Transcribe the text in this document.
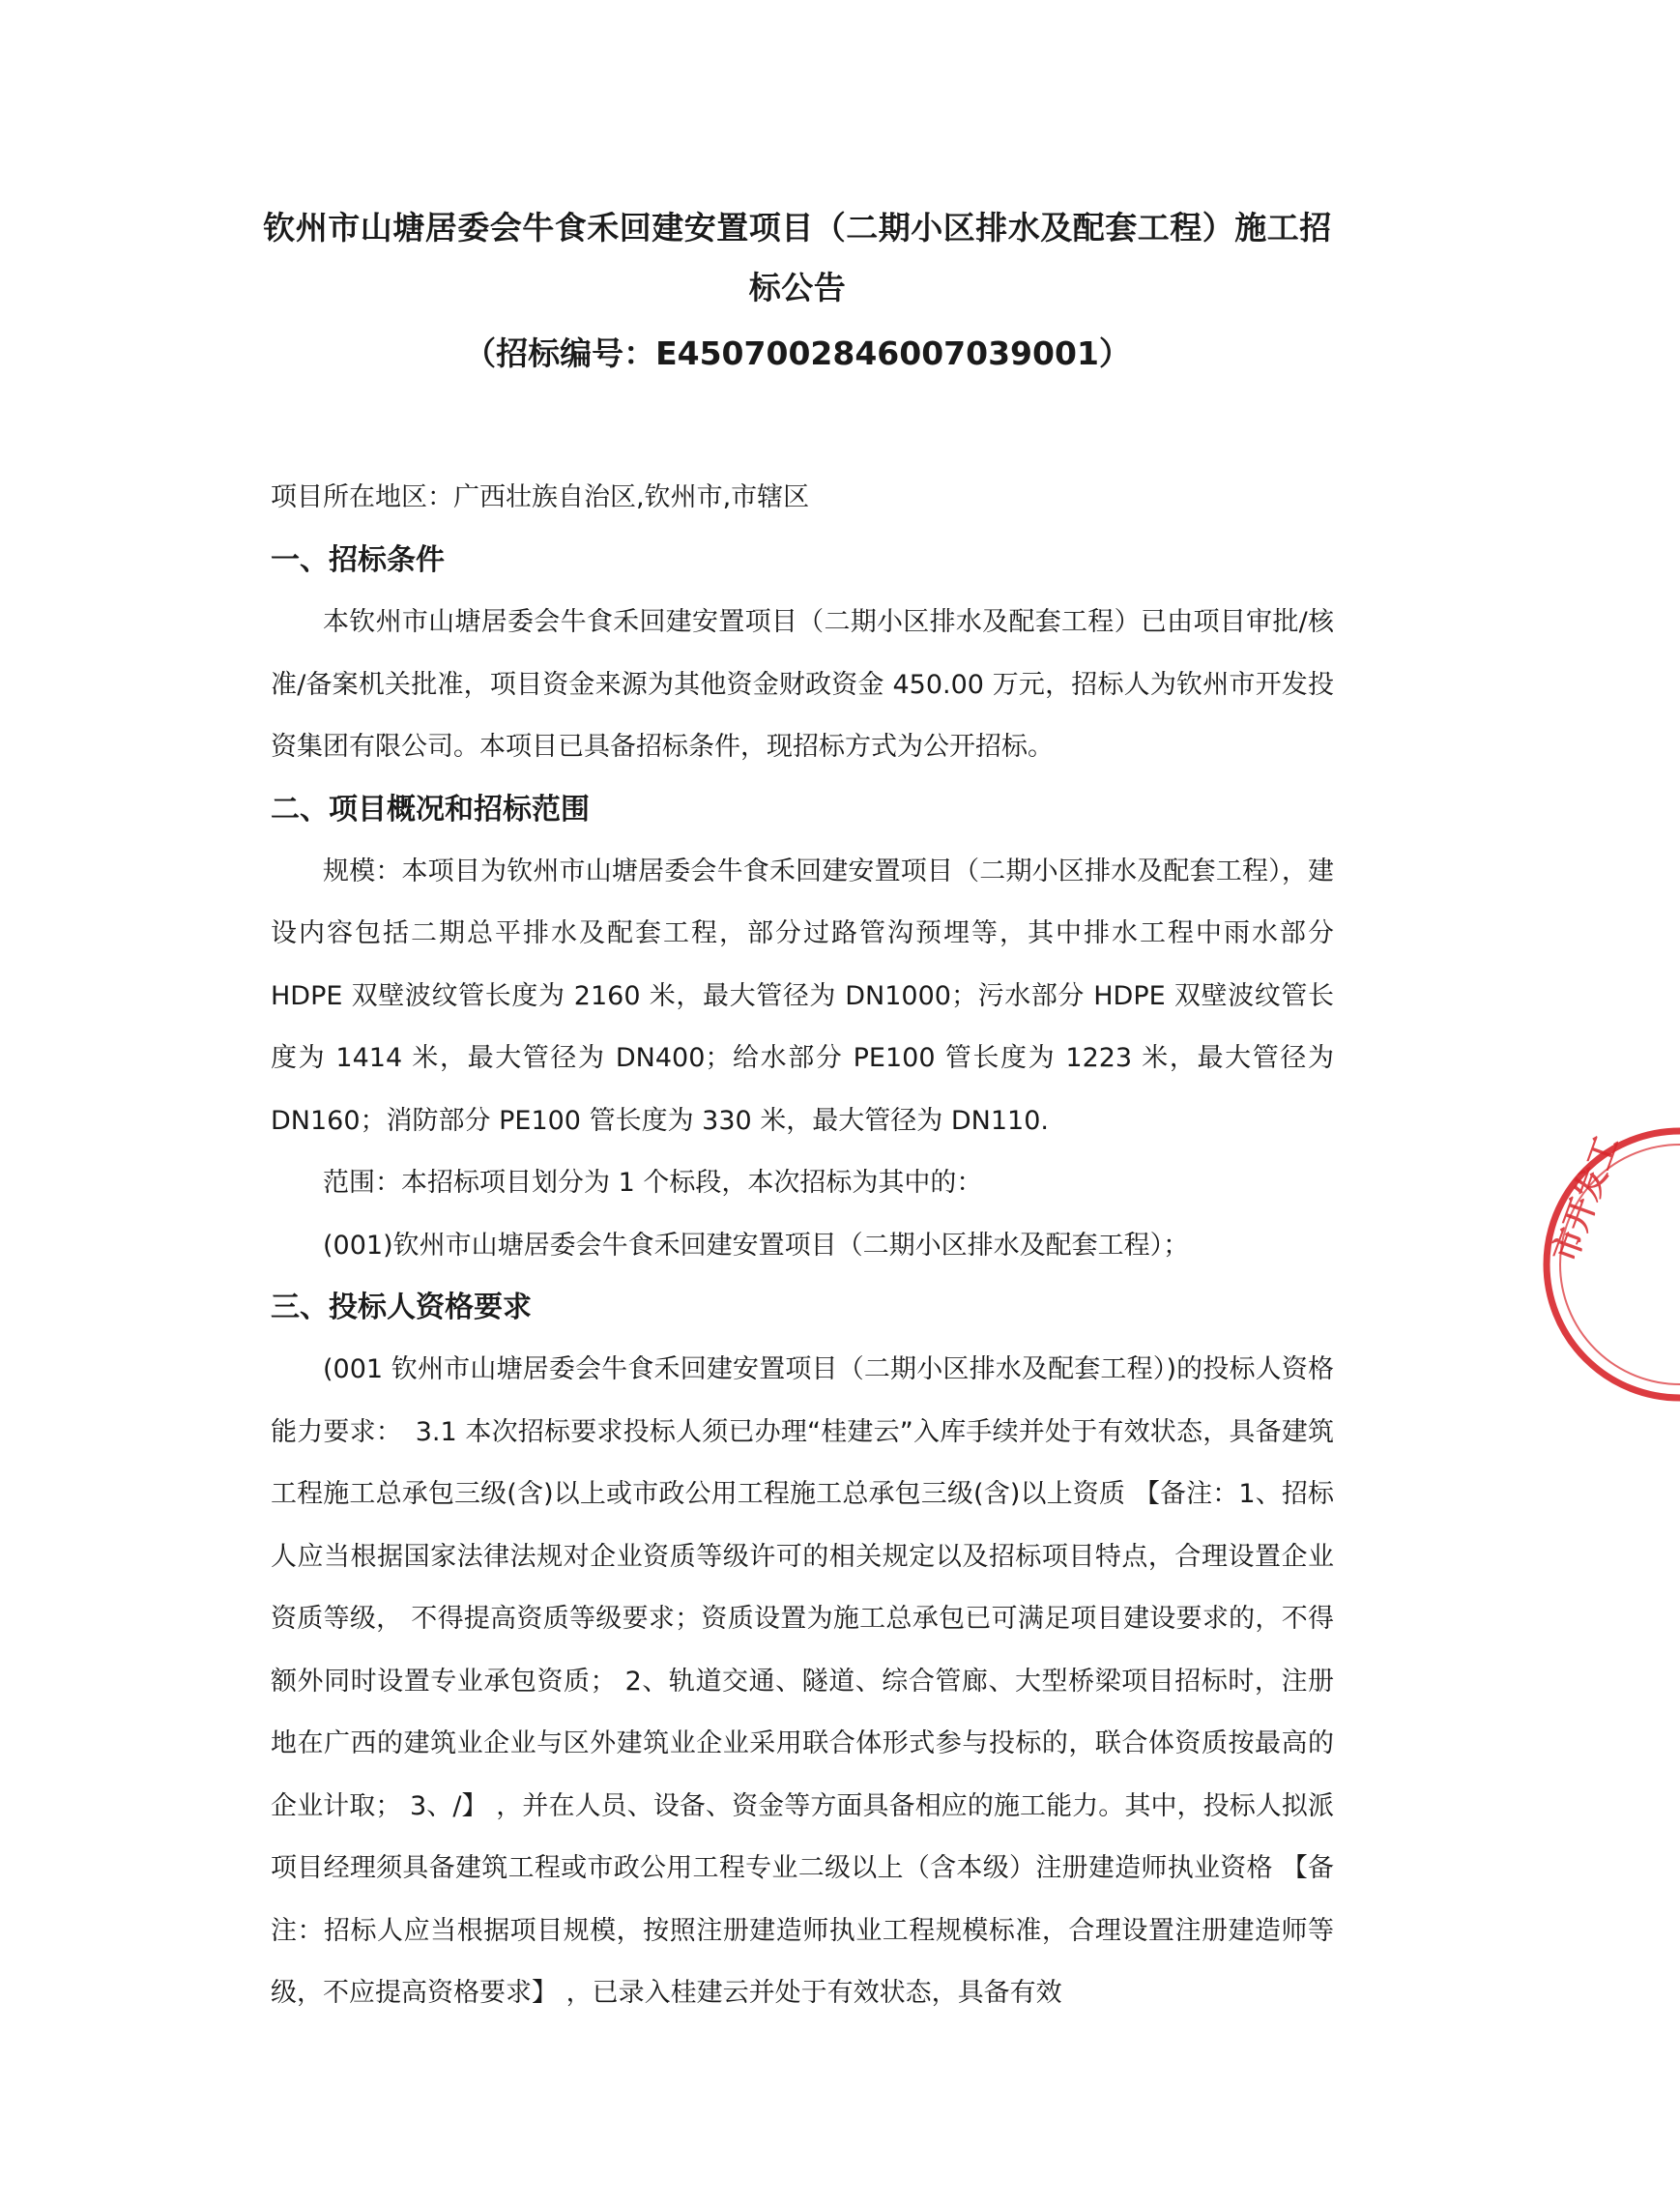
钦州市山塘居委会牛食禾回建安置项目（二期小区排水及配套工程）施工招标公告

（招标编号：E4507002846007039001）

项目所在地区：广西壮族自治区,钦州市,市辖区

一、招标条件

本钦州市山塘居委会牛食禾回建安置项目（二期小区排水及配套工程）已由项目审批/核准/备案机关批准，项目资金来源为其他资金财政资金 450.00 万元，招标人为钦州市开发投资集团有限公司。本项目已具备招标条件，现招标方式为公开招标。

二、项目概况和招标范围

规模：本项目为钦州市山塘居委会牛食禾回建安置项目（二期小区排水及配套工程），建设内容包括二期总平排水及配套工程，部分过路管沟预埋等，其中排水工程中雨水部分 HDPE 双壁波纹管长度为 2160 米，最大管径为 DN1000；污水部分 HDPE 双壁波纹管长度为 1414 米，最大管径为 DN400；给水部分 PE100 管长度为 1223 米，最大管径为 DN160；消防部分 PE100 管长度为 330 米，最大管径为 DN110.

范围：本招标项目划分为 1 个标段，本次招标为其中的：

(001)钦州市山塘居委会牛食禾回建安置项目（二期小区排水及配套工程）；

三、投标人资格要求

(001 钦州市山塘居委会牛食禾回建安置项目（二期小区排水及配套工程）)的投标人资格能力要求：　3.1 本次招标要求投标人须已办理“桂建云”入库手续并处于有效状态，具备建筑工程施工总承包三级(含)以上或市政公用工程施工总承包三级(含)以上资质 【备注：1、招标人应当根据国家法律法规对企业资质等级许可的相关规定以及招标项目特点，合理设置企业资质等级， 不得提高资质等级要求；资质设置为施工总承包已可满足项目建设要求的，不得额外同时设置专业承包资质； 2、轨道交通、隧道、综合管廊、大型桥梁项目招标时，注册地在广西的建筑业企业与区外建筑业企业采用联合体形式参与投标的，联合体资质按最高的企业计取； 3、/】 ，并在人员、设备、资金等方面具备相应的施工能力。其中，投标人拟派项目经理须具备建筑工程或市政公用工程专业二级以上（含本级）注册建造师执业资格 【备注：招标人应当根据项目规模，按照注册建造师执业工程规模标准，合理设置注册建造师等级，不应提高资格要求】 ，已录入桂建云并处于有效状态，具备有效

市开发工
